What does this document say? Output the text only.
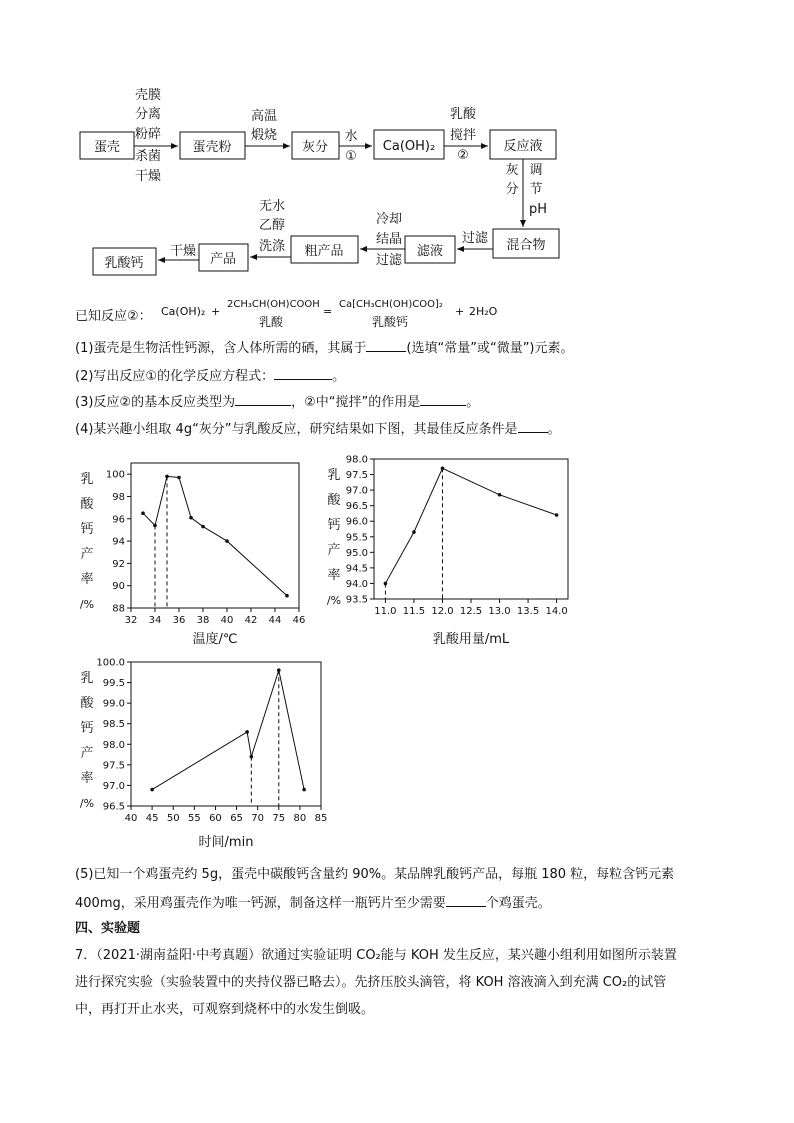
蛋壳	蛋壳粉	灰分	Ca(OH)₂	反应液
混合物
滤液
粗产品
产品
乳酸钙
壳膜
分离
粉碎
杀菌
干燥
高温
煅烧	水
①
乳酸
搅拌
②
灰
分
调
节
pH
过滤
冷却
结晶
过滤
无水
乙醇
洗涤
干燥
已知反应②： Ca(OH)₂ +
2CH₃CH(OH)COOH
乳酸
=
Ca[CH₃CH(OH)COO]₂
乳酸钙
+ 2H₂O
(1)蛋壳是生物活性钙源，含人体所需的硒，其属于	(选填“常量”或“微量”)元素。
(2)写出反应①的化学反应方程式：	。
(3)反应②的基本反应类型为	，②中“搅拌”的作用是	。
(4)某兴趣小组取 4g“灰分”与乳酸反应，研究结果如下图，其最佳反应条件是 。
32 34 36 38 40 42 44 46
88
90
92
94
96
98
100
乳
酸
钙
产
率
/%
温度/℃
11.0 11.5 12.0 12.5 13.0 13.5 14.0
93.5
94.0
94.5
95.0
95.5
96.0
96.5
97.0
97.5
98.0
乳
酸
钙
产
率
/%
乳酸用量/mL
40 45 50 55 60 65 70 75 80 85
96.5
97.0
97.5
98.0
98.5
99.0
99.5
100.0
乳
酸
钙
产
率
/%
时间/min
(5)已知一个鸡蛋壳约 5g，蛋壳中碳酸钙含量约 90%。某品牌乳酸钙产品，每瓶 180 粒，每粒含钙元素
400mg，采用鸡蛋壳作为唯一钙源，制备这样一瓶钙片至少需要	个鸡蛋壳。
四、实验题
7．（2021·湖南益阳·中考真题）欲通过实验证明 CO₂能与 KOH 发生反应，某兴趣小组利用如图所示装置
进行探究实验（实验装置中的夹持仪器已略去）。先挤压胶头滴管，将 KOH 溶液滴入到充满 CO₂的试管
中，再打开止水夹，可观察到烧杯中的水发生倒吸。
